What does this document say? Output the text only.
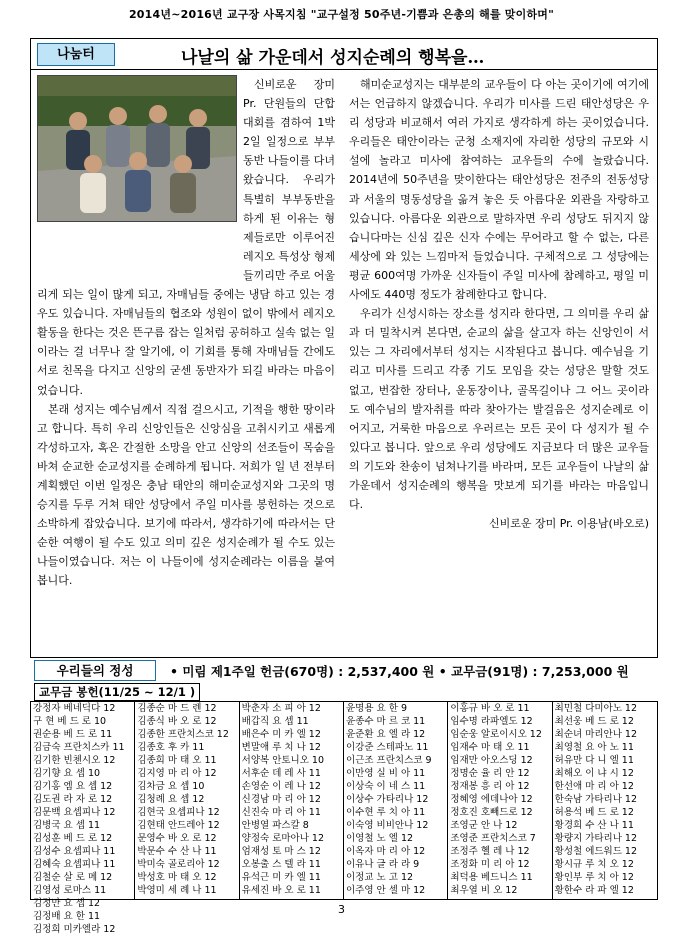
2014년~2016년 교구장 사목지침 "교구설정 50주년-기쁨과 은총의 해를 맞이하며"
나눔터	나날의 삶 가운데서 성지순례의 행복을…

신비로운 장미 Pr. 단원들의 단합대회를 겸하여 1박 2일 일정으로 부부동반 나들이를 다녀왔습니다. 우리가 특별히 부부동반을 하게 된 이유는 형제들로만 이루어진 레지오 특성상 형제들끼리만 주로 어울리게 되는 일이 많게 되고, 자매님들 중에는 냉담 하고 있는 경우도 있습니다. 자매님들의 협조와 성원이 없이 밖에서 레지오 활동을 한다는 것은 뜬구름 잡는 일처럼 공허하고 실속 없는 일이라는 걸 너무나 잘 알기에, 이 기회를 통해 자매님들 간에도 서로 친목을 다지고 신앙의 굳센 동반자가 되길 바라는 마음이었습니다.

본래 성지는 예수님께서 직접 걸으시고, 기적을 행한 땅이라고 합니다. 특히 우리 신앙인들은 신앙심을 고취시키고 새롭게 각성하고자, 혹은 간절한 소망을 안고 신앙의 선조들이 목숨을 바쳐 순교한 순교성지를 순례하게 됩니다. 저희가 일 년 전부터 계획했던 이번 일정은 충남 태안의 해미순교성지와 그곳의 명승지를 두루 거쳐 태안 성당에서 주일 미사를 봉헌하는 것으로 소박하게 잡았습니다. 보기에 따라서, 생각하기에 따라서는 단순한 여행이 될 수도 있고 의미 깊은 성지순례가 될 수도 있는 나들이였습니다. 저는 이 나들이에 성지순례라는 이름을 붙여봅니다.

해미순교성지는 대부분의 교우들이 다 아는 곳이기에 여기에서는 언급하지 않겠습니다. 우리가 미사를 드린 태안성당은 우리 성당과 비교해서 여러 가지로 생각하게 하는 곳이었습니다. 우리들은 태안이라는 군청 소재지에 자리한 성당의 규모와 시설에 놀라고 미사에 참여하는 교우들의 수에 놀랐습니다. 2014년에 50주년을 맞이한다는 태안성당은 전주의 전동성당과 서울의 명동성당을 옮겨 놓은 듯 아름다운 외관을 자랑하고 있습니다. 아름다운 외관으로 말하자면 우리 성당도 뒤지지 않습니다마는 신심 깊은 신자 수에는 무어라고 할 수 없는, 다른 세상에 와 있는 느낌마저 들었습니다. 구체적으로 그 성당에는 평균 600여명 가까운 신자들이 주일 미사에 참례하고, 평일 미사에도 440명 정도가 참례한다고 합니다.

우리가 신성시하는 장소를 성지라 한다면, 그 의미를 우리 삶과 더 밀착시켜 본다면, 순교의 삶을 살고자 하는 신앙인이 서있는 그 자리에서부터 성지는 시작된다고 봅니다. 예수님을 기리고 미사를 드리고 각종 기도 모임을 갖는 성당은 말할 것도 없고, 번잡한 장터나, 운동장이나, 골목길이나 그 어느 곳이라도 예수님의 발자취를 따라 찾아가는 발걸음은 성지순례로 이어지고, 거룩한 마음으로 우러르는 모든 곳이 다 성지가 될 수 있다고 봅니다. 앞으로 우리 성당에도 지금보다 더 많은 교우들의 기도와 찬송이 넘쳐나기를 바라며, 모든 교우들이 나날의 삶 가운데서 성지순례의 행복을 맛보게 되기를 바라는 마음입니다.

신비로운 장미 Pr. 이용남(바오로)

우리들의 정성	• 미림 제1주일 헌금(670명) : 2,537,400 원 • 교무금(91명) : 7,253,000 원
교무금 봉헌(11/25 ~ 12/1 )
강정자 베네딕다 12
구 현 베 드 로 10
권순용 베 드 로 11
김금숙 프란치스카 11
김기한 빈첸시오 12
김기향 요 셉 10
김기홍 엠 요 셉 12
김도권 라 자 로 12
김문백 요셉피나 12
김병국 요 셉 11
김성훈 베 드 로 12
김성수 요셉피나 11
김혜숙 요셉피나 11
김철순 살 로 메 12
김영성 로마스 11
김정만 요 셉 12
김정배 요 한 11
김정희 미카엘라 12
김종순 마 드 렌 12
김종식 바 오 로 12
김종한 프란치스코 12
김종호 후 카 11
김종희 마 태 오 11
김지영 마 리 아 12
김차금 요 셉 10
김청례 요 셉 12
김현국 요셉피나 12
김현태 안드레아 12
문영수 바 오 로 12
박문수 수 산 나 11
박미숙 골로리아 12
박성호 마 태 오 12
박영미 세 례 나 11
박춘자 소 피 아 12
배갑직 요 셉 11
배은수 미 카 엘 12
변말애 루 치 나 12
서양복 안토니오 10
서후순 데 레 사 11
손영순 이 레 나 12
신경남 마 리 아 12
신진숙 마 리 아 11
안병열 파스칼 8
양정숙 로마아나 12
엄재성 토 마 스 12
오봉출 스 텔 라 11
유석근 미 카 엘 11
유세진 바 오 로 11
윤명용 요 한 9
윤종수 마 르 코 11
윤준환 요 엘 라 12
이강준 스테파노 11
이근조 프란치스코 9
이만영 실 비 아 11
이상숙 이 네 스 11
이상수 가타리나 12
이수현 루 치 아 11
이숙영 비비안나 12
이영철 노 엘 12
이옥자 마 리 아 12
이유나 글 라 라 9
이정교 노 고 12
이주영 안 셀 마 12
이홍규 바 오 로 11
임수명 라파엘도 12
임순웅 알로이시오 12
임재수 마 태 오 11
임재만 아오스딩 12
정명순 율 리 안 12
정재봉 흥 리 아 12
정혜영 에데나아 12
정호진 호빼드로 12
조영군 안 나 12
조영준 프란치스코 7
조정주 헬 레 나 12
조정화 미 리 아 12
최덕용 베드니스 11
최우열 비 오 12
최민철 다미아노 12
최선웅 베 드 로 12
최순녀 마리안나 12
최영철 요 아 노 11
허유만 다 니 엘 11
최해오 이 냐 시 12
한선애 마 리 아 12
한숙남 가타리나 12
허용석 베 드 로 12
황경희 수 산 나 11
황량지 가타리나 12
황성철 에드워드 12
황시규 루 치 오 12
황인부 루 치 아 12
황한수 라 파 엘 12
3
